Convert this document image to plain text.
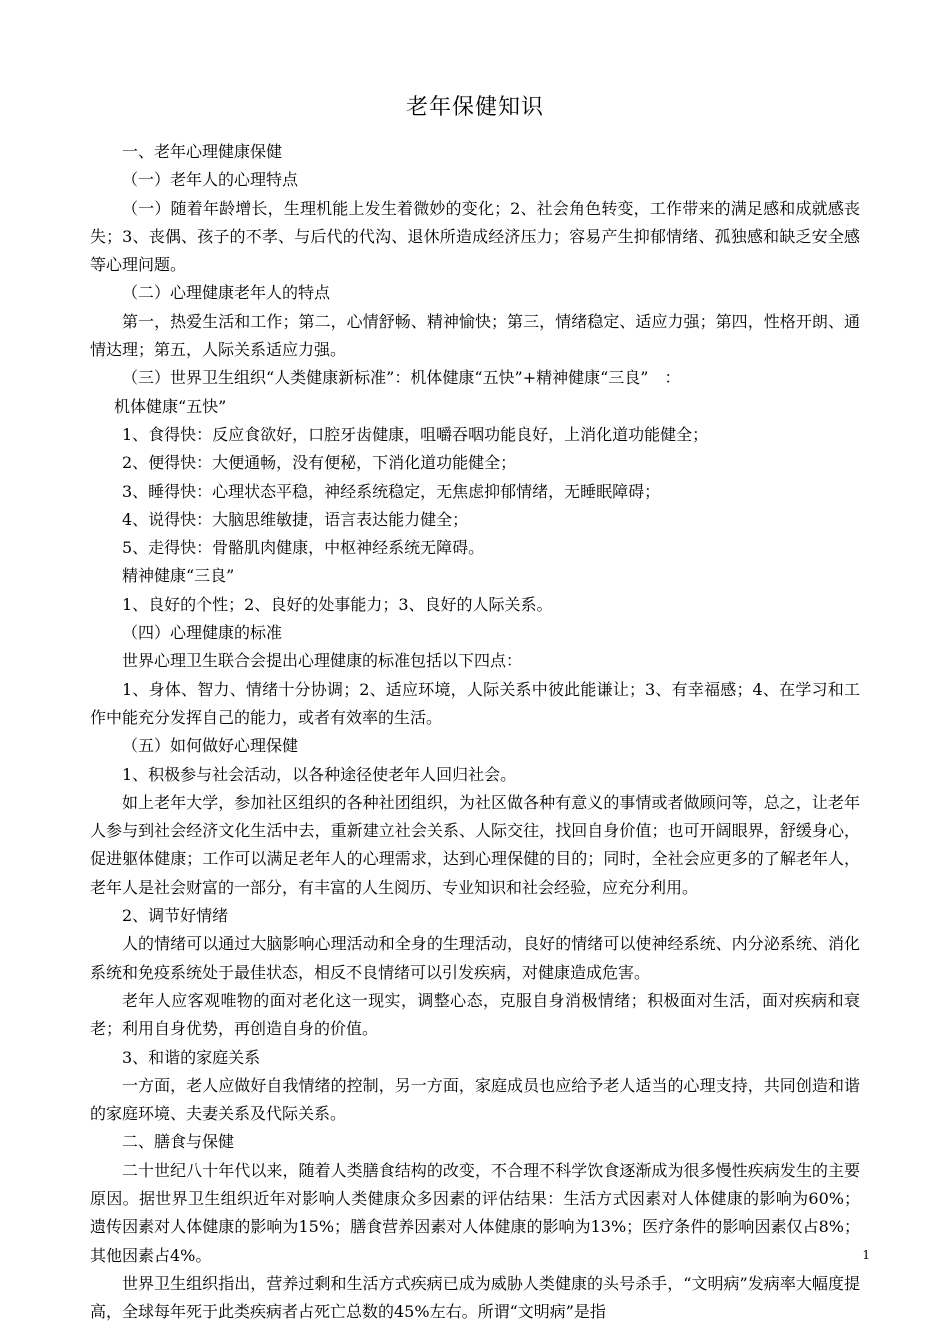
老年保健知识

一、老年心理健康保健

（一）老年人的心理特点

（一）随着年龄增长，生理机能上发生着微妙的变化；2、社会角色转变，工作带来的满足感和成就感丧失；3、丧偶、孩子的不孝、与后代的代沟、退休所造成经济压力；容易产生抑郁情绪、孤独感和缺乏安全感等心理问题。

（二）心理健康老年人的特点

第一，热爱生活和工作；第二，心情舒畅、精神愉快；第三，情绪稳定、适应力强；第四，性格开朗、通情达理；第五，人际关系适应力强。

（三）世界卫生组织“人类健康新标准”：机体健康“五快”+精神健康“三良”　：

机体健康“五快”

1、食得快：反应食欲好，口腔牙齿健康，咀嚼吞咽功能良好，上消化道功能健全；

2、便得快：大便通畅，没有便秘，下消化道功能健全；

3、睡得快：心理状态平稳，神经系统稳定，无焦虑抑郁情绪，无睡眠障碍；

4、说得快：大脑思维敏捷，语言表达能力健全；

5、走得快：骨骼肌肉健康，中枢神经系统无障碍。

精神健康“三良”

1、良好的个性；2、良好的处事能力；3、良好的人际关系。

（四）心理健康的标准

世界心理卫生联合会提出心理健康的标准包括以下四点：

1、身体、智力、情绪十分协调；2、适应环境，人际关系中彼此能谦让；3、有幸福感；4、在学习和工作中能充分发挥自己的能力，或者有效率的生活。

（五）如何做好心理保健

1、积极参与社会活动，以各种途径使老年人回归社会。

如上老年大学，参加社区组织的各种社团组织，为社区做各种有意义的事情或者做顾问等，总之，让老年人参与到社会经济文化生活中去，重新建立社会关系、人际交往，找回自身价值；也可开阔眼界，舒缓身心，促进躯体健康；工作可以满足老年人的心理需求，达到心理保健的目的；同时，全社会应更多的了解老年人，老年人是社会财富的一部分，有丰富的人生阅历、专业知识和社会经验，应充分利用。

2、调节好情绪

人的情绪可以通过大脑影响心理活动和全身的生理活动，良好的情绪可以使神经系统、内分泌系统、消化系统和免疫系统处于最佳状态，相反不良情绪可以引发疾病，对健康造成危害。

老年人应客观唯物的面对老化这一现实，调整心态，克服自身消极情绪；积极面对生活，面对疾病和衰老；利用自身优势，再创造自身的价值。

3、和谐的家庭关系

一方面，老人应做好自我情绪的控制，另一方面，家庭成员也应给予老人适当的心理支持，共同创造和谐的家庭环境、夫妻关系及代际关系。

二、膳食与保健

二十世纪八十年代以来，随着人类膳食结构的改变，不合理不科学饮食逐渐成为很多慢性疾病发生的主要原因。据世界卫生组织近年对影响人类健康众多因素的评估结果：生活方式因素对人体健康的影响为60%；遗传因素对人体健康的影响为15%；膳食营养因素对人体健康的影响为13%；医疗条件的影响因素仅占8%；其他因素占4%。

世界卫生组织指出，营养过剩和生活方式疾病已成为威胁人类健康的头号杀手，“文明病”发病率大幅度提高，全球每年死于此类疾病者占死亡总数的45%左右。所谓“文明病”是指

1
